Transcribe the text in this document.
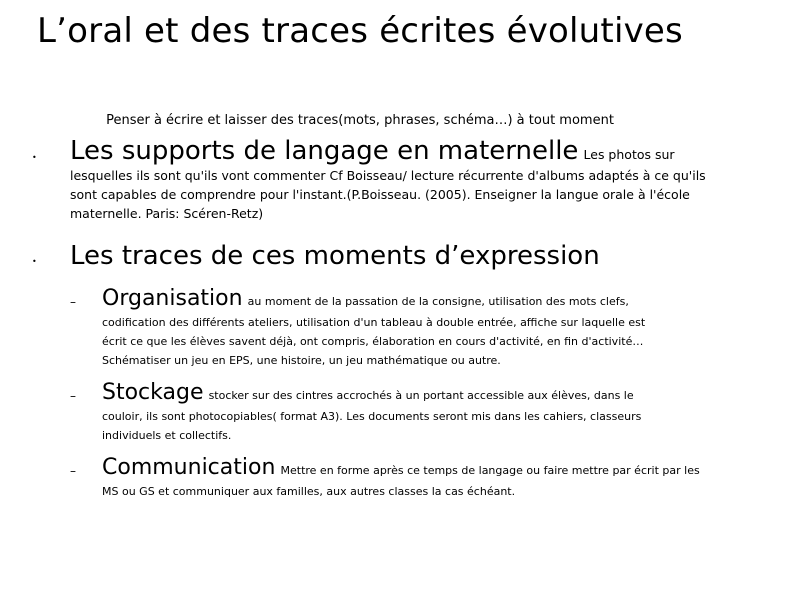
L’oral et des traces écrites évolutives
Penser à écrire et laisser des traces(mots, phrases, schéma…) à tout moment
• Les supports de langage en maternelle Les photos sur lesquelles ils sont qu'ils vont commenter Cf Boisseau/ lecture récurrente d'albums adaptés à ce qu'ils sont capables de comprendre pour l'instant.(P.Boisseau. (2005). Enseigner la langue orale à l'école maternelle. Paris: Scéren-Retz)

• Les traces de ces moments d’expression
– Organisation au moment de la passation de la consigne, utilisation des mots clefs, codification des différents ateliers, utilisation d'un tableau à double entrée, affiche sur laquelle est écrit ce que les élèves savent déjà, ont compris, élaboration en cours d'activité, en fin d'activité… Schématiser un jeu en EPS, une histoire, un jeu mathématique ou autre.

– Stockage stocker sur des cintres accrochés à un portant accessible aux élèves, dans le couloir, ils sont photocopiables( format A3). Les documents seront mis dans les cahiers, classeurs individuels et collectifs.

– Communication Mettre en forme après ce temps de langage ou faire mettre par écrit par les MS ou GS et communiquer aux familles, aux autres classes la cas échéant.
